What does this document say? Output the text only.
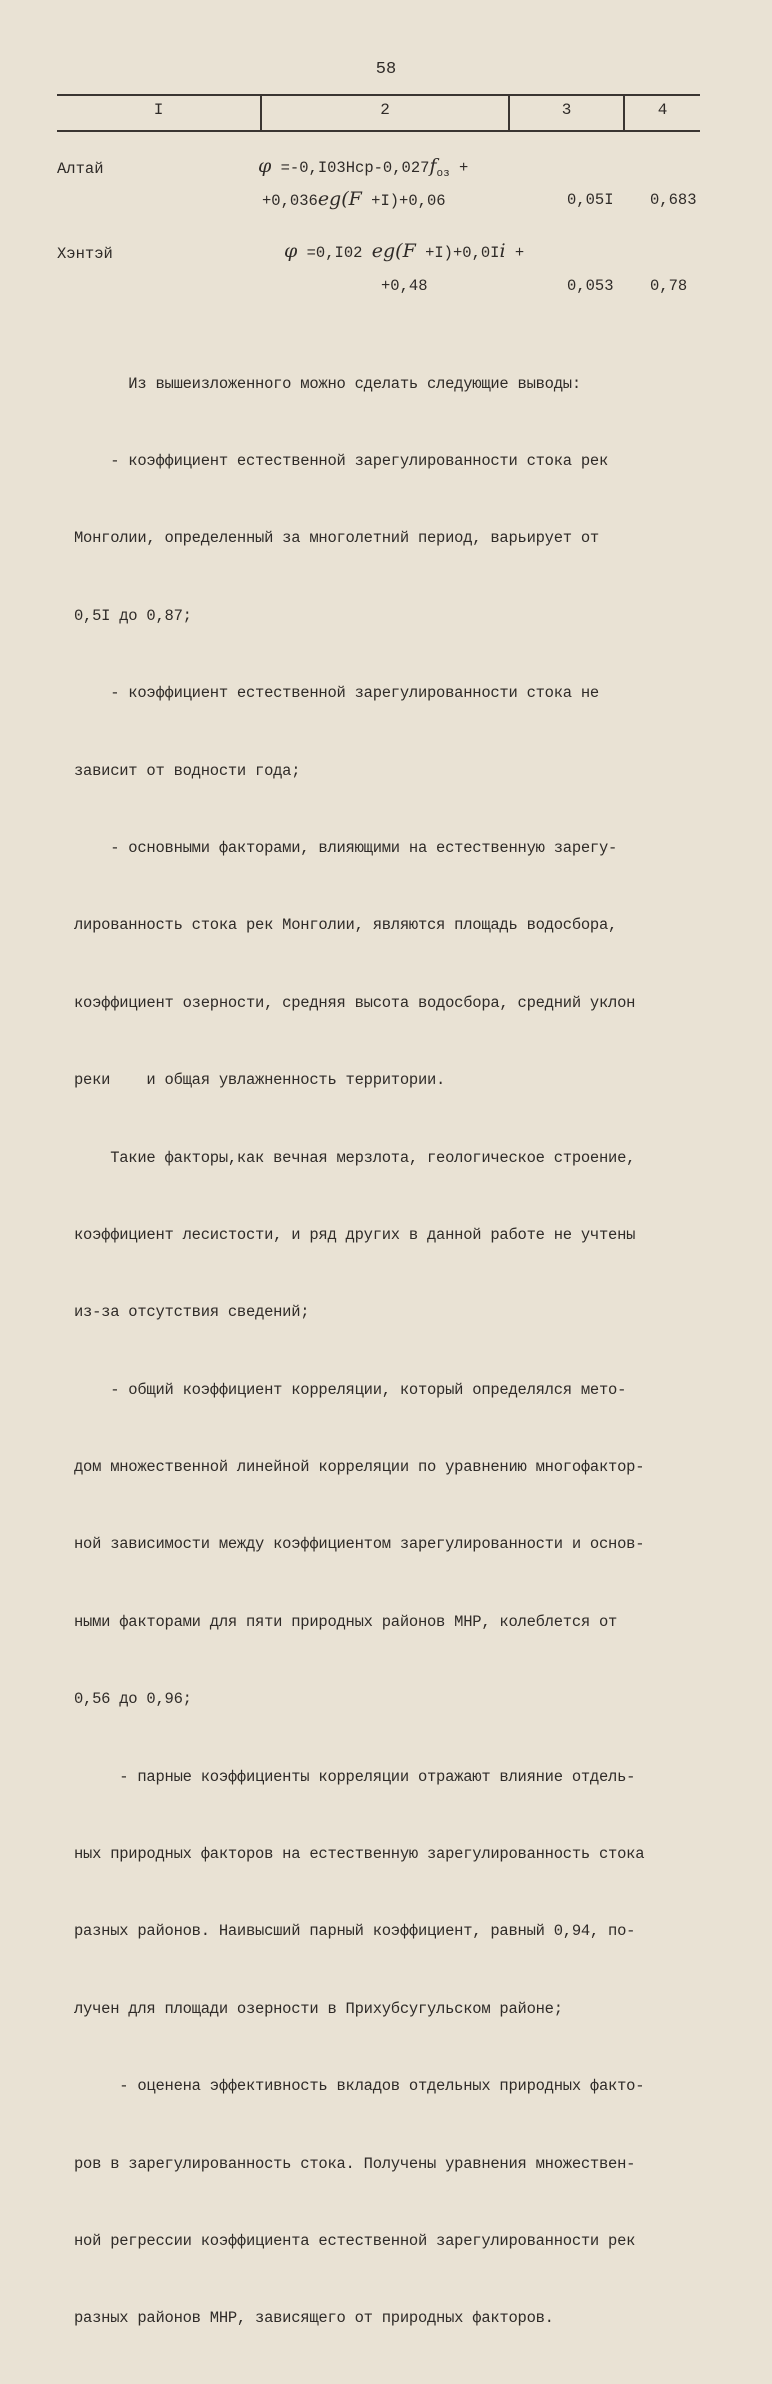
58
I	2	3	4
Алтай	$\varphi =-0,I03Hср-0,027f_{оз}$ +
+0,036eg(F +I)+0,06	0,05I 0,683
Хэнтэй	φ =0,I02 eg(F +I)+0,0Ii +
+0,48	0,053 0,78

Из вышеизложенного можно сделать следующие выводы:

- коэффициент естественной зарегулированности стока рек

Монголии, определенный за многолетний период, варьирует от

0,5I до 0,87;

- коэффициент естественной зарегулированности стока не

зависит от водности года;

- основными факторами, влияющими на естественную зарегу-

лированность стока рек Монголии, являются площадь водосбора,

коэффициент озерности, средняя высота водосбора, средний уклон

реки    и общая увлажненность территории.

Такие факторы,как вечная мерзлота, геологическое строение,

коэффициент лесистости, и ряд других в данной работе не учтены

из-за отсутствия сведений;

- общий коэффициент корреляции, который определялся мето-

дом множественной линейной корреляции по уравнению многофактор-

ной зависимости между коэффициентом зарегулированности и основ-

ными факторами для пяти природных районов МНР, колеблется от

0,56 до 0,96;

- парные коэффициенты корреляции отражают влияние отдель-

ных природных факторов на естественную зарегулированность стока

разных районов. Наивысший парный коэффициент, равный 0,94, по-

лучен для площади озерности в Прихубсугульском районе;

- оценена эффективность вкладов отдельных природных факто-

ров в зарегулированность стока. Получены уравнения множествен-

ной регрессии коэффициента естественной зарегулированности рек

разных районов МНР, зависящего от природных факторов.
